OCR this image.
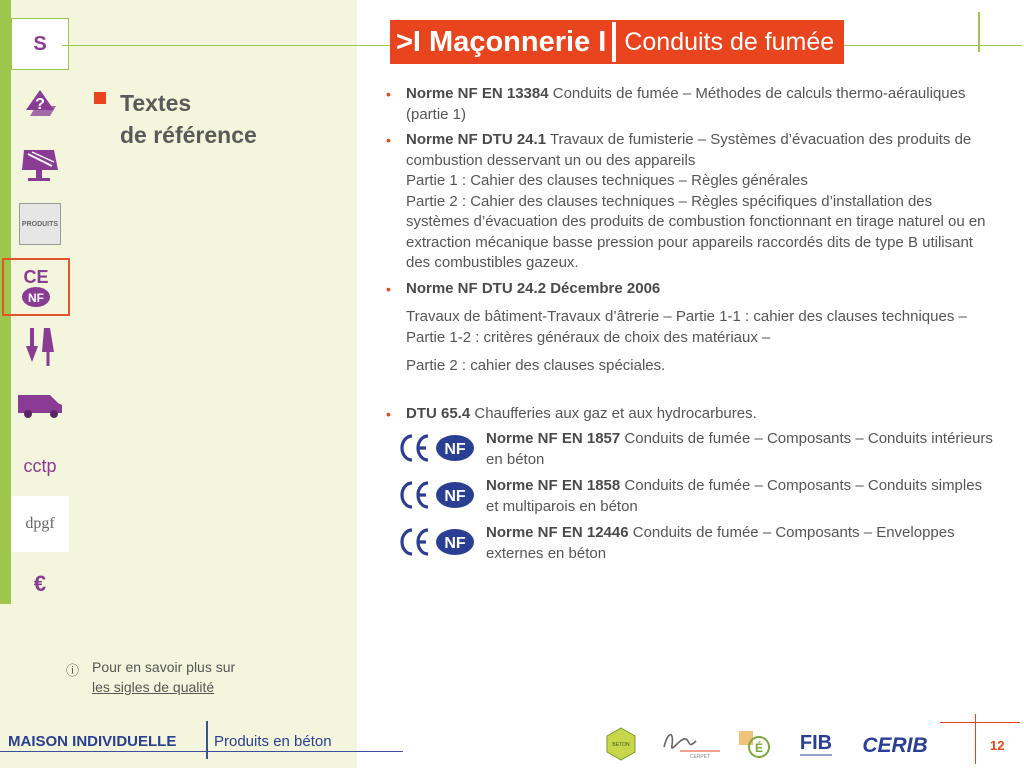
S
?
PRODUITS
CE
NF
cctp
dpgf
€
>I Maçonnerie I Conduits de fumée
Textes
de référence
• Norme NF EN 13384 Conduits de fumée – Méthodes de calculs thermo-aérauliques (partie 1)
• Norme NF DTU 24.1 Travaux de fumisterie – Systèmes d’évacuation des produits de combustion desservant un ou des appareils
Partie 1 : Cahier des clauses techniques – Règles générales
Partie 2 : Cahier des clauses techniques – Règles spécifiques d’installation des systèmes d’évacuation des produits de combustion fonctionnant en tirage naturel ou en extraction mécanique basse pression pour appareils raccordés dits de type B utilisant des combustibles gazeux.
• Norme NF DTU 24.2 Décembre 2006
Travaux de bâtiment-Travaux d’âtrerie – Partie 1-1 : cahier des clauses techniques – Partie 1-2 : critères généraux de choix des matériaux –
Partie 2 : cahier des clauses spéciales.
• DTU 65.4 Chaufferies aux gaz et aux hydrocarbures.
NF
Norme NF EN 1857 Conduits de fumée – Composants – Conduits intérieurs en béton
NF
Norme NF EN 1858 Conduits de fumée – Composants – Conduits simples et multiparois en béton
NF
Norme NF EN 12446 Conduits de fumée – Composants – Enveloppes externes en béton
ⓘ Pour en savoir plus sur
les sigles de qualité
MAISON INDIVIDUELLE	Produits en béton	BETON
CERPET
É FIB CERIB	12
